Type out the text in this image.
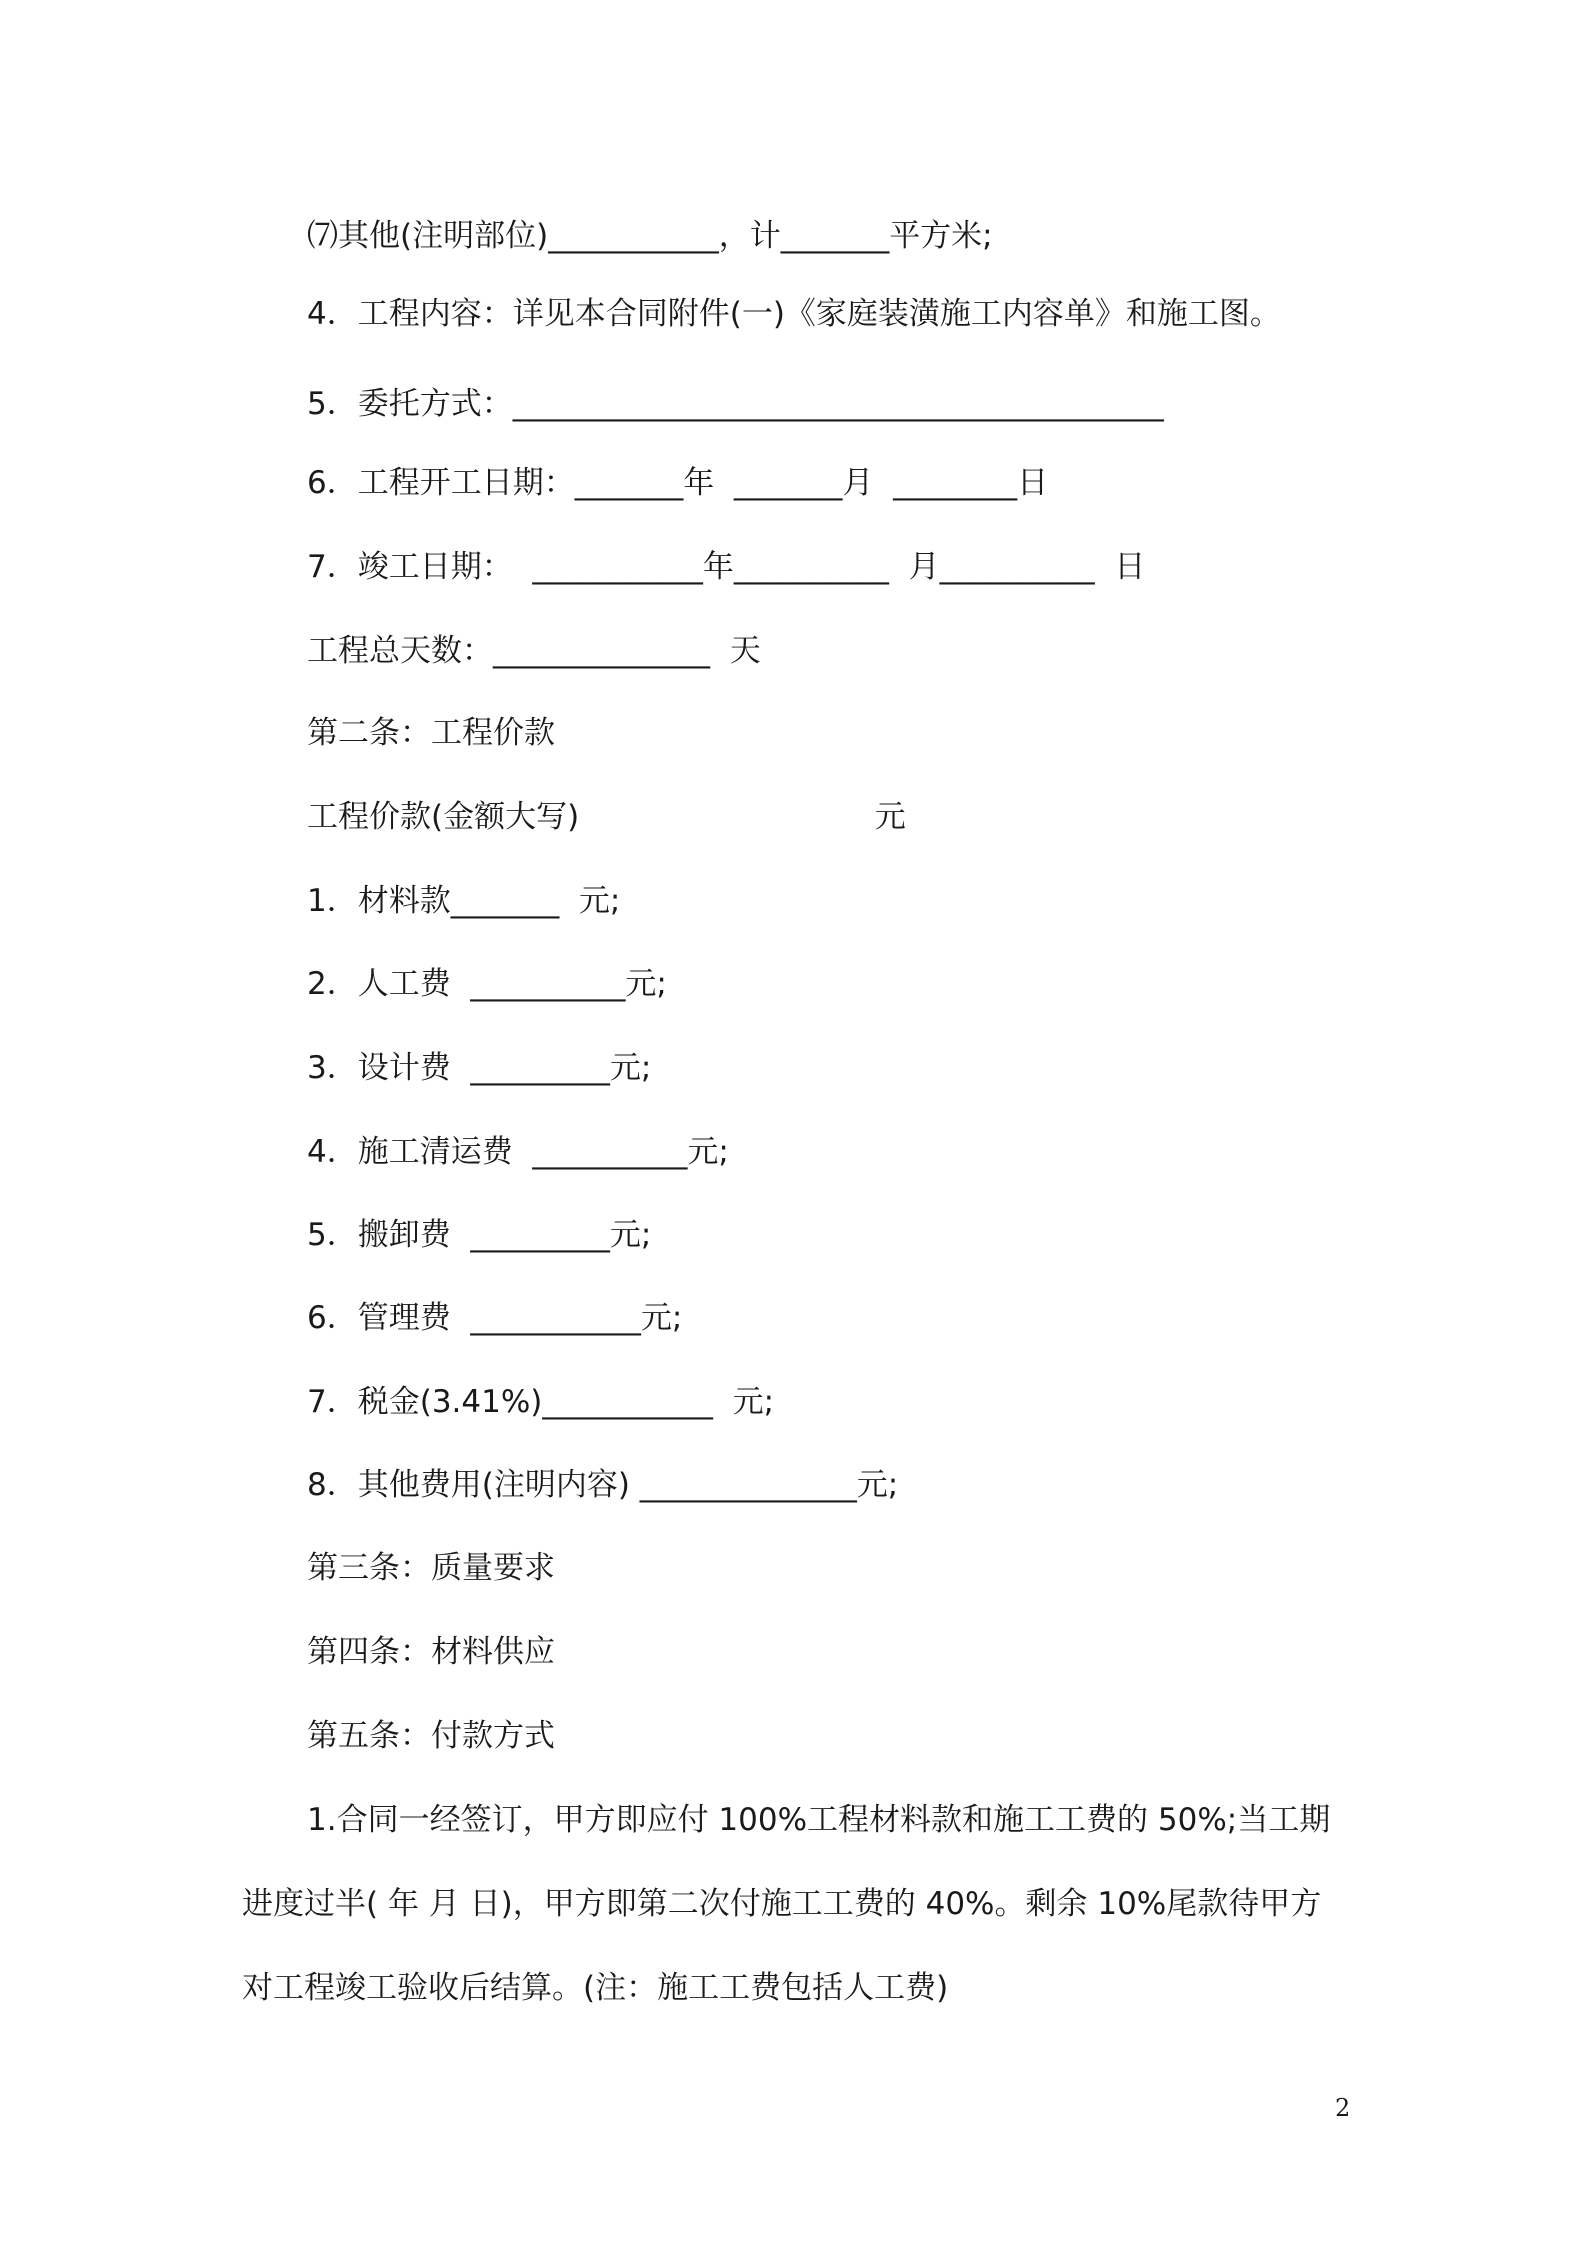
⑺其他(注明部位)___________，计_______平方米;
4．工程内容：详见本合同附件(一)《家庭装潢施工内容单》和施工图。
5．委托方式：__________________________________________
6．工程开工日期：_______年  _______月  ________日
7．竣工日期：  ___________年__________  月__________  日
工程总天数：______________  天
第二条：工程价款
工程价款(金额大写)                              元
1．材料款_______  元;
2．人工费  __________元;
3．设计费  _________元;
4．施工清运费  __________元;
5．搬卸费  _________元;
6．管理费  ___________元;
7．税金(3.41%)___________  元;
8．其他费用(注明内容) ______________元;
第三条：质量要求
第四条：材料供应
第五条：付款方式
1.合同一经签订，甲方即应付 100%工程材料款和施工工费的 50%;当工期
进度过半( 年 月 日)，甲方即第二次付施工工费的 40%。剩余 10%尾款待甲方
对工程竣工验收后结算。(注：施工工费包括人工费)
2
